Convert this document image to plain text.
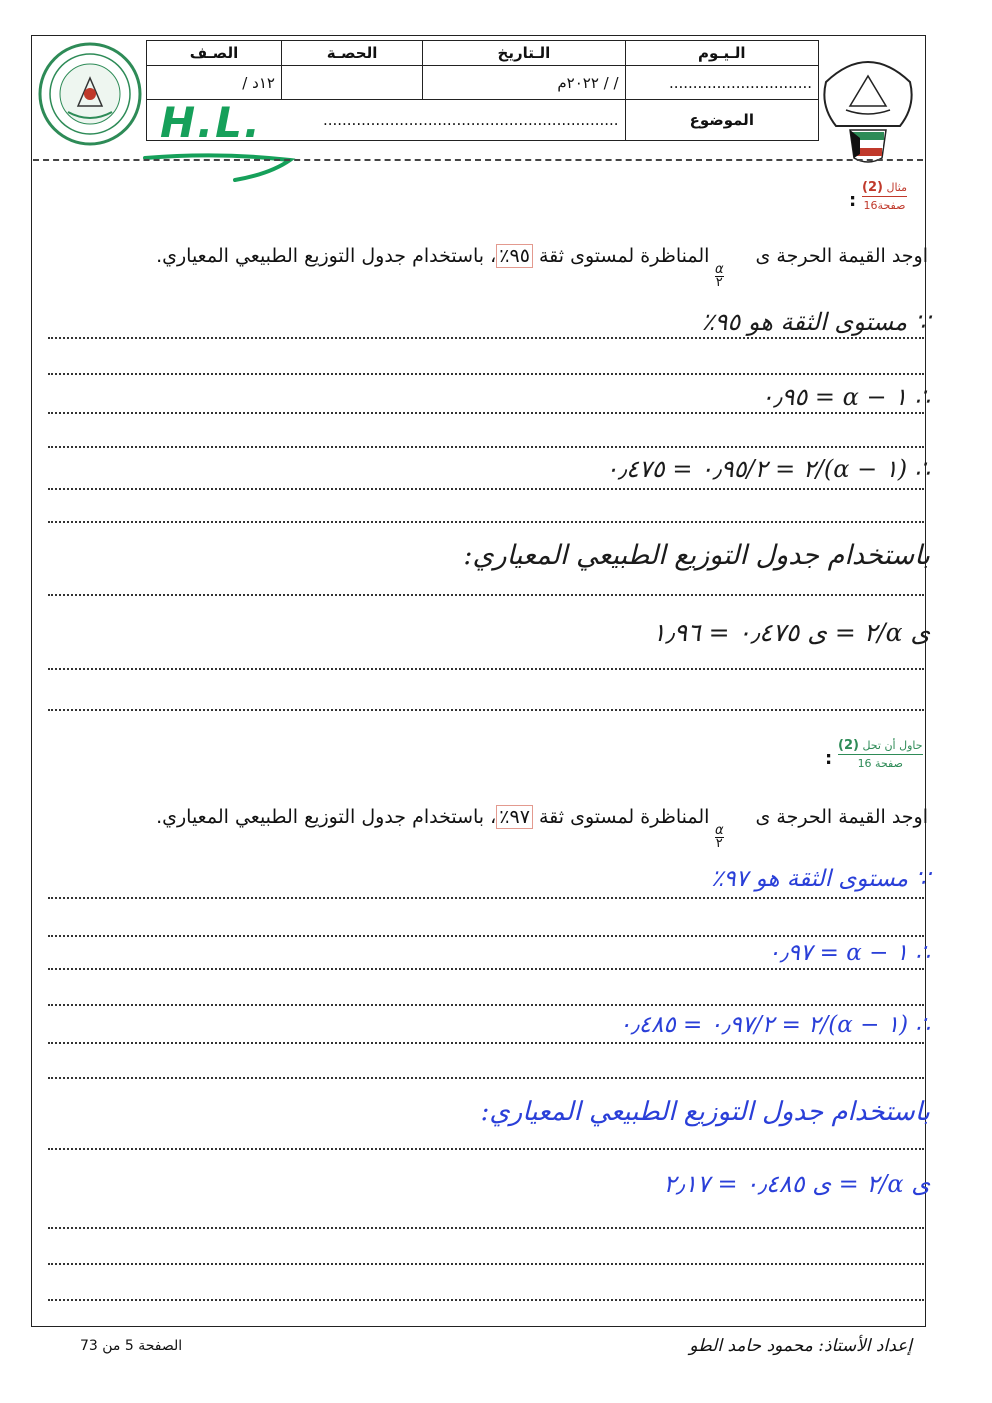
الـيـوم	الـتاريخ	الحصـة	الصـف
..............................	/ / ٢٠٢٢م		١٢د /
الموضوع	..............................................................		
H.L.
مثال (2)
صفحة16
:
اوجد القيمة الحرجة ى  المناظرة لمستوى ثقة ٩٥٪، باستخدام جدول التوزيع الطبيعي المعياري.
α
٢
∵ مستوى الثقة هو ٩٥٪
∴ ١ − α = ٠٫٩٥
∴ (١ − α)/٢ = ٠٫٩٥/٢ = ٠٫٤٧٥
باستخدام جدول التوزيع الطبيعي المعياري:
ى α/٢ = ى ٠٫٤٧٥ = ١٫٩٦
حاول أن تحل (2)
صفحة 16
:
اوجد القيمة الحرجة ى  المناظرة لمستوى ثقة ٩٧٪، باستخدام جدول التوزيع الطبيعي المعياري.
α
٢
∵ مستوى الثقة هو ٩٧٪
∴ ١ − α = ٠٫٩٧
∴ (١ − α)/٢ = ٠٫٩٧/٢ = ٠٫٤٨٥
باستخدام جدول التوزيع الطبيعي المعياري:
ى α/٢ = ى ٠٫٤٨٥ = ٢٫١٧
الصفحة 5 من 73	إعداد الأستاذ: محمود حامد الطو
